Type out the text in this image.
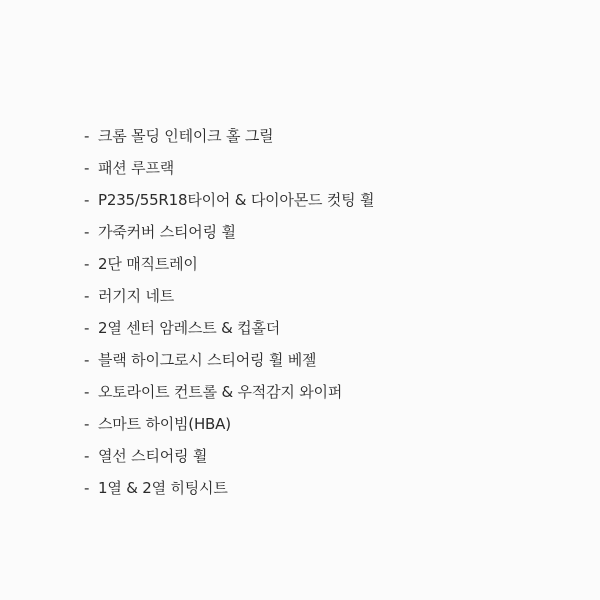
- 크롬 몰딩 인테이크 홀 그릴
- 패션 루프랙
- P235/55R18타이어 & 다이아몬드 컷팅 휠
- 가죽커버 스티어링 휠
- 2단 매직트레이
- 러기지 네트
- 2열 센터 암레스트 & 컵홀더
- 블랙 하이그로시 스티어링 휠 베젤
- 오토라이트 컨트롤 & 우적감지 와이퍼
- 스마트 하이빔(HBA)
- 열선 스티어링 휠
- 1열 & 2열 히팅시트
